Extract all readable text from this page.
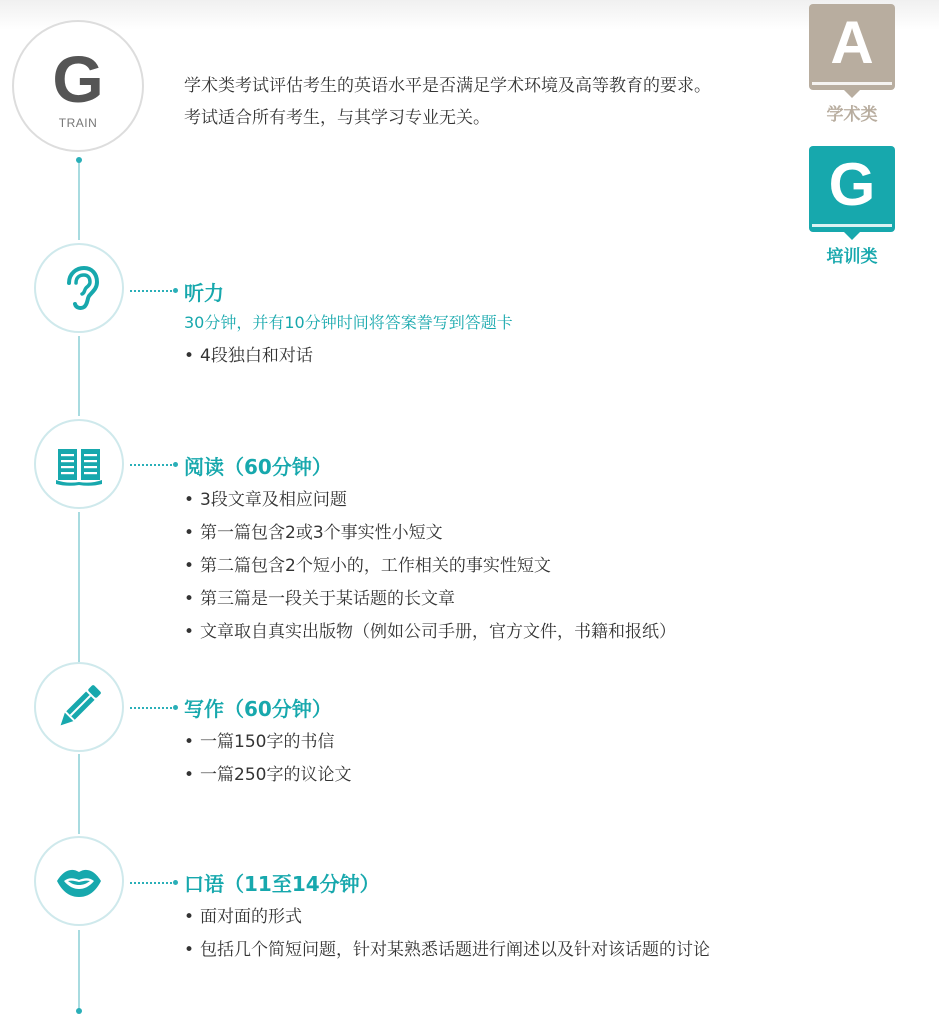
G
TRAIN

学术类考试评估考生的英语水平是否满足学术环境及高等教育的要求。

考试适合所有考生，与其学习专业无关。

A
学术类
G
培训类
听力
30分钟，并有10分钟时间将答案誊写到答题卡
• 4段独白和对话
阅读（60分钟）
• 3段文章及相应问题
• 第一篇包含2或3个事实性小短文
• 第二篇包含2个短小的，工作相关的事实性短文
• 第三篇是一段关于某话题的长文章
• 文章取自真实出版物（例如公司手册，官方文件，书籍和报纸）
写作（60分钟）
• 一篇150字的书信
• 一篇250字的议论文
口语（11至14分钟）
• 面对面的形式
• 包括几个简短问题，针对某熟悉话题进行阐述以及针对该话题的讨论
